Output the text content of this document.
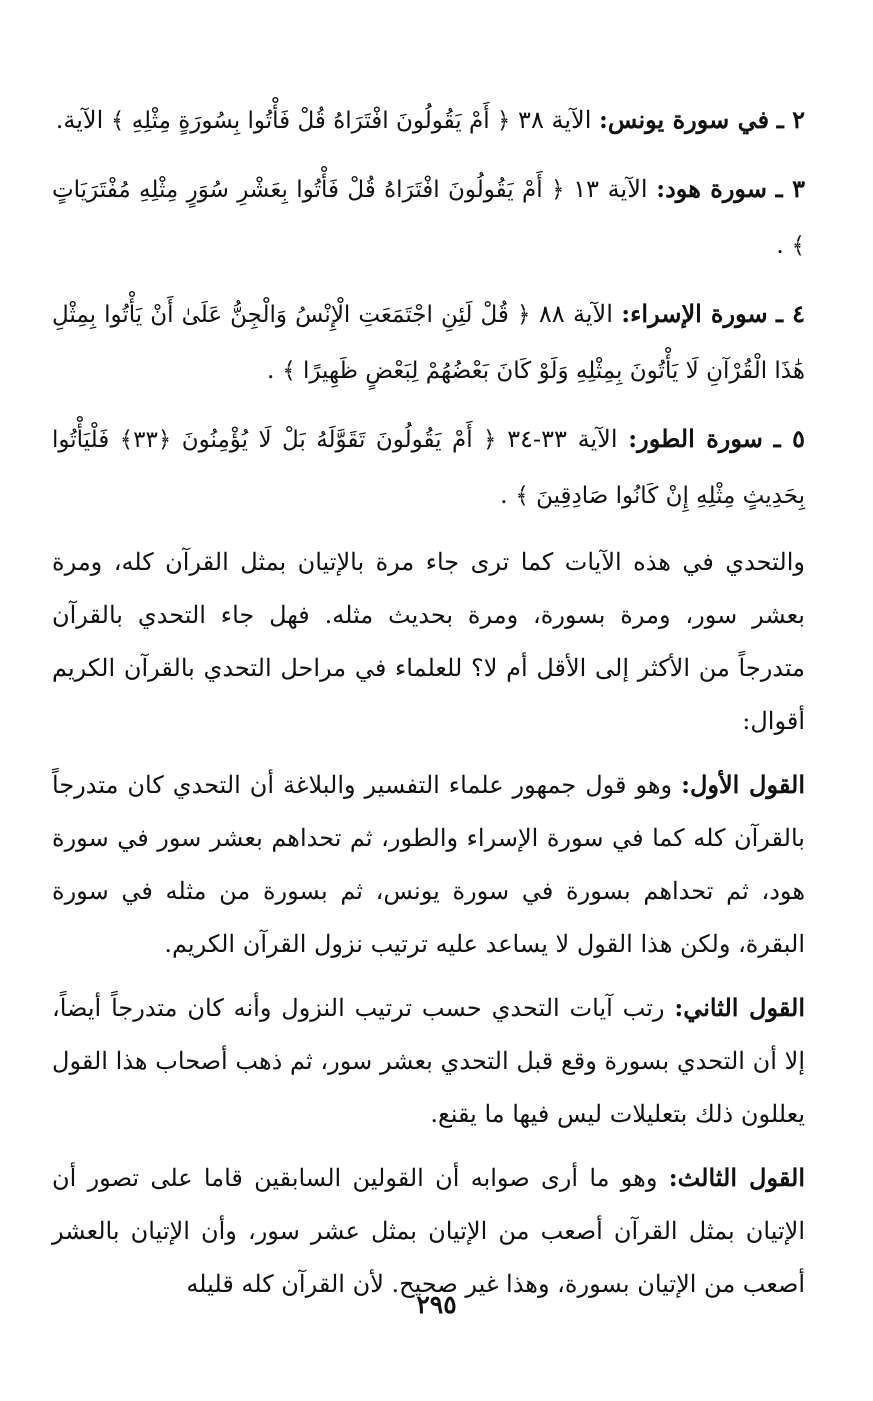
٢ ـ في سورة يونس: الآية ٣٨ ﴿ أَمْ يَقُولُونَ افْتَرَاهُ قُلْ فَأْتُوا بِسُورَةٍ مِثْلِهِ ﴾ الآية.
٣ ـ سورة هود: الآية ١٣ ﴿ أَمْ يَقُولُونَ افْتَرَاهُ قُلْ فَأْتُوا بِعَشْرِ سُوَرٍ مِثْلِهِ مُفْتَرَيَاتٍ ﴾ .
٤ ـ سورة الإسراء: الآية ٨٨ ﴿ قُلْ لَئِنِ اجْتَمَعَتِ الْإِنْسُ وَالْجِنُّ عَلَىٰ أَنْ يَأْتُوا بِمِثْلِ هَٰذَا الْقُرْآنِ لَا يَأْتُونَ بِمِثْلِهِ وَلَوْ كَانَ بَعْضُهُمْ لِبَعْضٍ ظَهِيرًا ﴾ .
٥ ـ سورة الطور: الآية ٣٣-٣٤ ﴿ أَمْ يَقُولُونَ تَقَوَّلَهُ بَلْ لَا يُؤْمِنُونَ ﴿٣٣﴾ فَلْيَأْتُوا بِحَدِيثٍ مِثْلِهِ إِنْ كَانُوا صَادِقِينَ ﴾ .

والتحدي في هذه الآيات كما ترى جاء مرة بالإتيان بمثل القرآن كله، ومرة بعشر سور، ومرة بسورة، ومرة بحديث مثله. فهل جاء التحدي بالقرآن متدرجاً من الأكثر إلى الأقل أم لا؟ للعلماء في مراحل التحدي بالقرآن الكريم أقوال:

القول الأول: وهو قول جمهور علماء التفسير والبلاغة أن التحدي كان متدرجاً بالقرآن كله كما في سورة الإسراء والطور، ثم تحداهم بعشر سور في سورة هود، ثم تحداهم بسورة في سورة يونس، ثم بسورة من مثله في سورة البقرة، ولكن هذا القول لا يساعد عليه ترتيب نزول القرآن الكريم.

القول الثاني: رتب آيات التحدي حسب ترتيب النزول وأنه كان متدرجاً أيضاً، إلا أن التحدي بسورة وقع قبل التحدي بعشر سور، ثم ذهب أصحاب هذا القول يعللون ذلك بتعليلات ليس فيها ما يقنع.

القول الثالث: وهو ما أرى صوابه أن القولين السابقين قاما على تصور أن الإتيان بمثل القرآن أصعب من الإتيان بمثل عشر سور، وأن الإتيان بالعشر أصعب من الإتيان بسورة، وهذا غير صحيح. لأن القرآن كله قليله

٢٩٥
